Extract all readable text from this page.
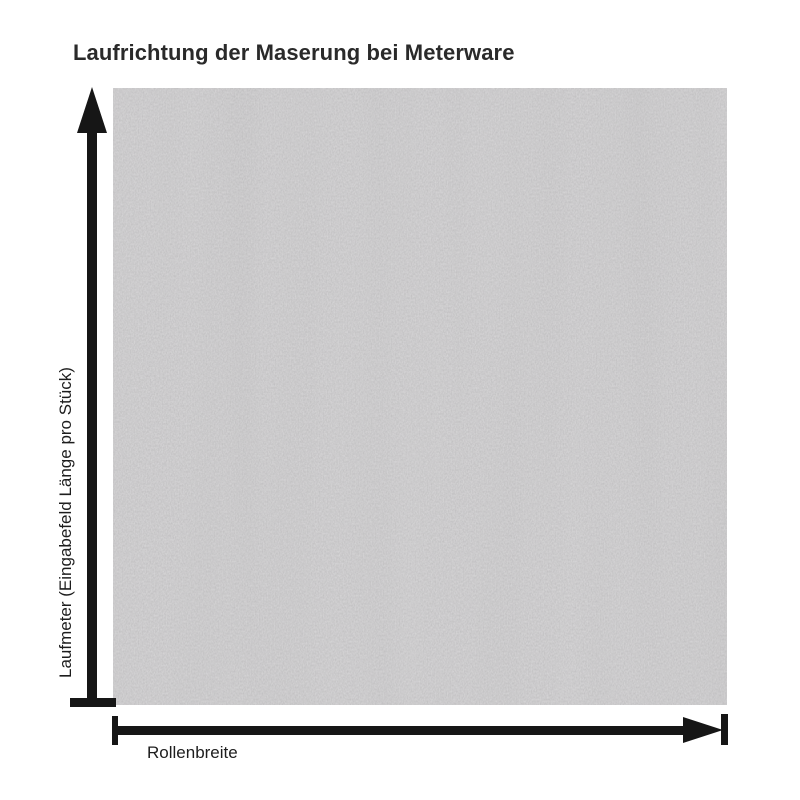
Laufrichtung der Maserung bei Meterware
Laufmeter (Eingabefeld Länge pro Stück)
Rollenbreite
